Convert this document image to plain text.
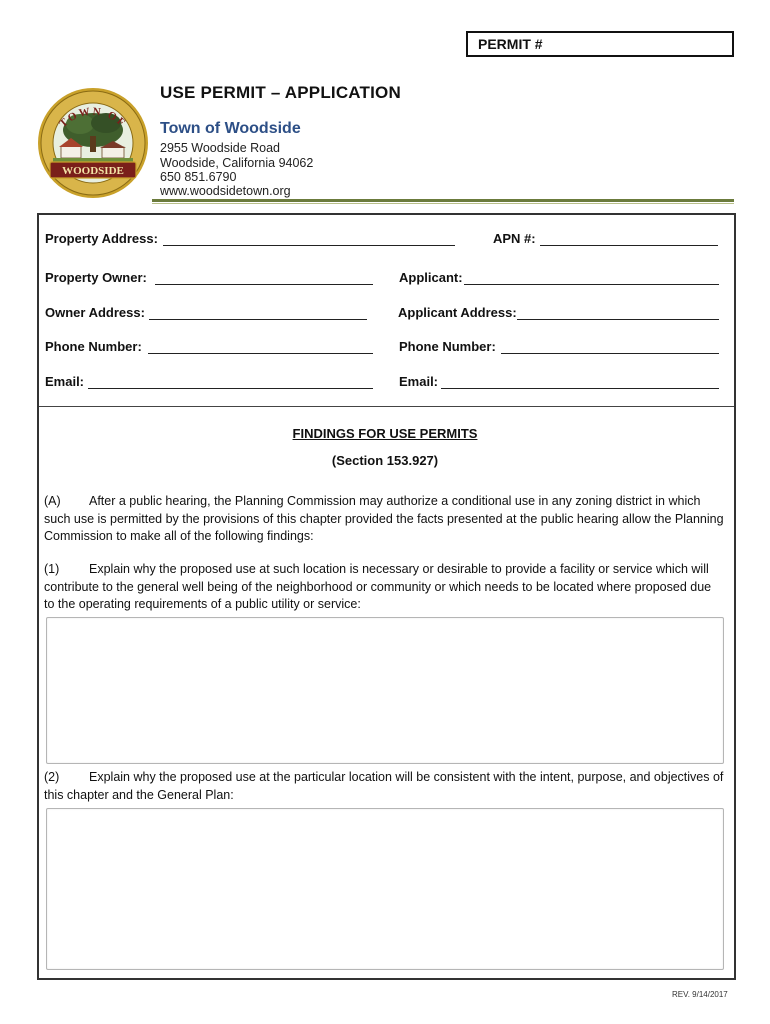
PERMIT #
WOODSIDE
TOWN OF
USE PERMIT – APPLICATION
Town of Woodside
2955 Woodside Road
Woodside, California 94062
650 851.6790
www.woodsidetown.org
Property Address:	APN #:
Property Owner:	Applicant:
Owner Address:	Applicant Address:
Phone Number:	Phone Number:
Email:	Email:
FINDINGS FOR USE PERMITS
(Section 153.927)
(A) After a public hearing, the Planning Commission may authorize a conditional use in any zoning district in which such use is permitted by the provisions of this chapter provided the facts presented at the public hearing allow the Planning Commission to make all of the following findings:
(1) Explain why the proposed use at such location is necessary or desirable to provide a facility or service which will contribute to the general well being of the neighborhood or community or which needs to be located where proposed due to the operating requirements of a public utility or service:
(2) Explain why the proposed use at the particular location will be consistent with the intent, purpose, and objectives of this chapter and the General Plan:
REV. 9/14/2017
